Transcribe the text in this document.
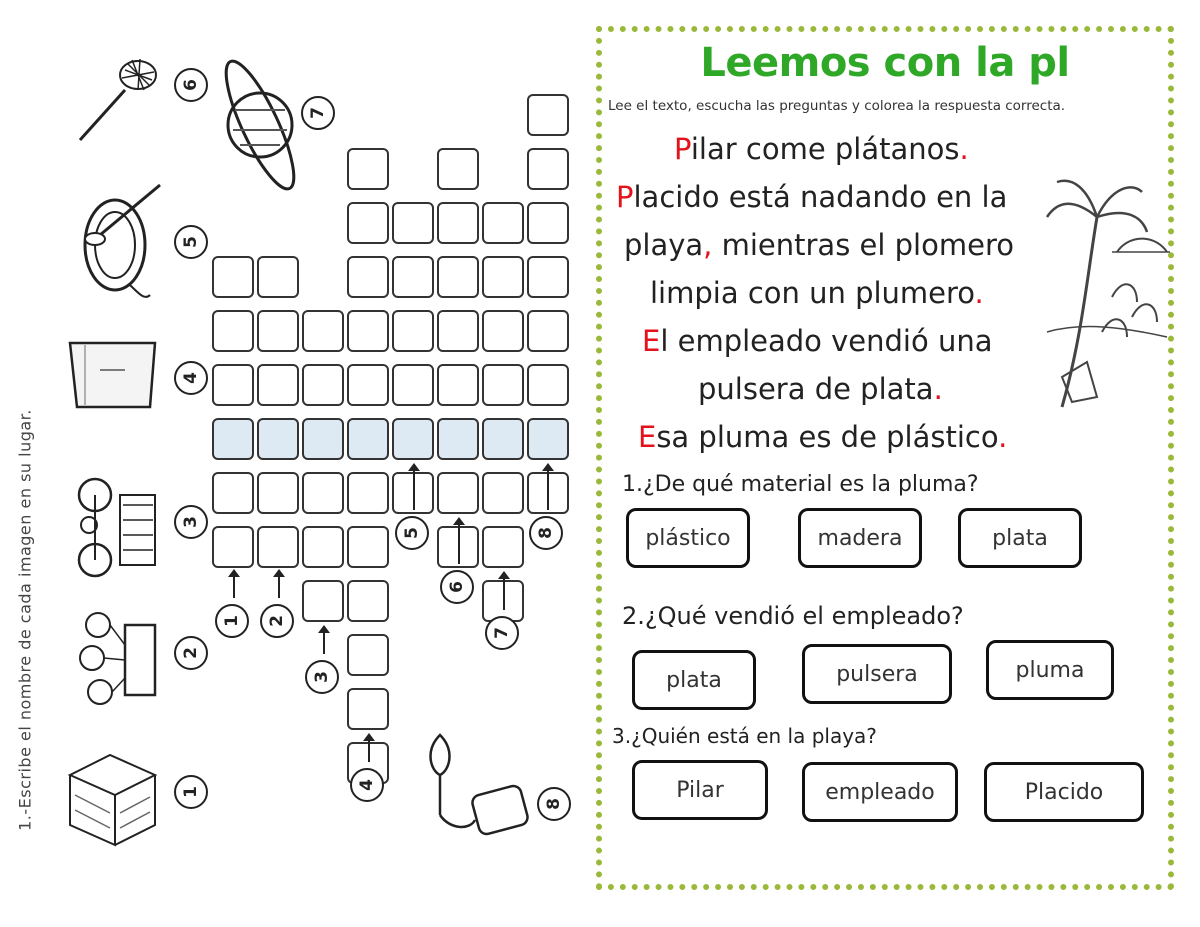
1.-Escribe el nombre de cada imagen en su lugar.
6
5
4
3
2
1
7
8
1 2
3
4
5
6
7
8
Leemos con la pl
Lee el texto, escucha las preguntas y colorea la respuesta correcta.
Pilar come plátanos.
Placido está nadando en la
playa, mientras el plomero
limpia con un plumero.
El empleado vendió una
pulsera de plata.
Esa pluma es de plástico.
1.¿De qué material es la pluma?
plástico	madera	plata
2.¿Qué vendió el empleado?
plata	pulsera	pluma
3.¿Quién está en la playa?
Pilar	empleado	Placido
